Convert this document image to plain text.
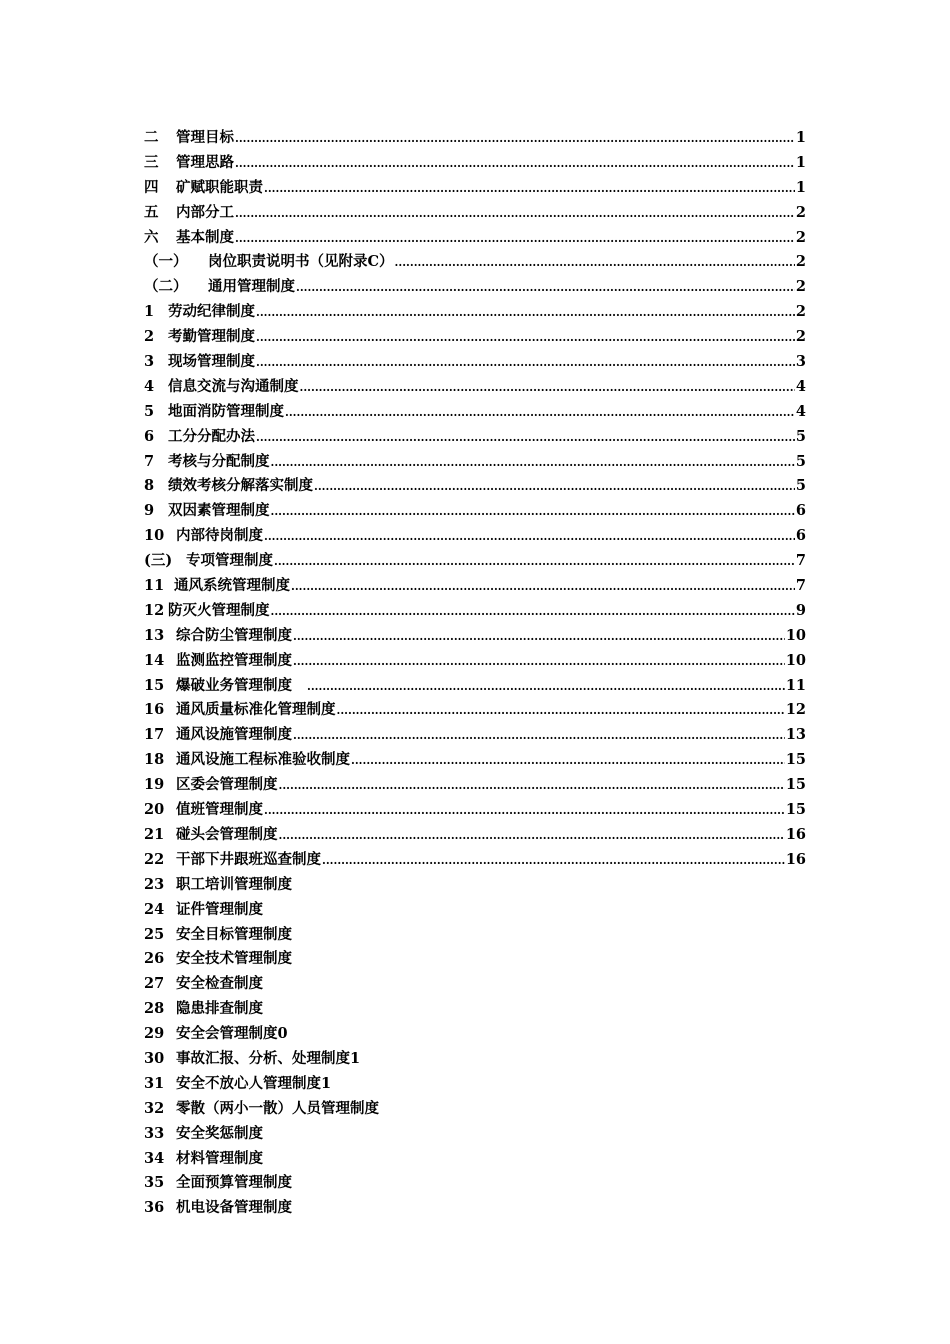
二	管理目标 .....	1
三	管理思路 .....	1
四	矿赋职能职责 .....	1
五	内部分工 .....	2
六	基本制度 .....	2
（一）	岗位职责说明书（见附录C） .....	2
（二）	通用管理制度 .....	2
1 劳动纪律制度 .....	2
2 考勤管理制度 .....	2
3 现场管理制度 .....	3
4 信息交流与沟通制度 .....	4
5 地面消防管理制度 .....	4
6 工分分配办法 .....	5
7 考核与分配制度 .....	5
8 绩效考核分解落实制度 .....	5
9 双因素管理制度 .....	6
10 内部待岗制度 .....	6
(三) 专项管理制度 .....	7
11 通风系统管理制度 .....	7
12 防灭火管理制度 .....	9
13 综合防尘管理制度 .....	10
14 监测监控管理制度 .....	10
15 爆破业务管理制度 .....	11
16 通风质量标准化管理制度 .....	12
17 通风设施管理制度 .....	13
18 通风设施工程标准验收制度 .....	15
19 区委会管理制度 .....	15
20 值班管理制度 .....	15
21 碰头会管理制度 .....	16
22 干部下井跟班巡查制度 .....	16
23 职工培训管理制度
24 证件管理制度
25 安全目标管理制度
26 安全技术管理制度
27 安全检查制度
28 隐患排查制度
29 安全会管理制度0
30 事故汇报、分析、处理制度1
31 安全不放心人管理制度1
32 零散（两小一散）人员管理制度
33 安全奖惩制度
34 材料管理制度
35 全面预算管理制度
36 机电设备管理制度
